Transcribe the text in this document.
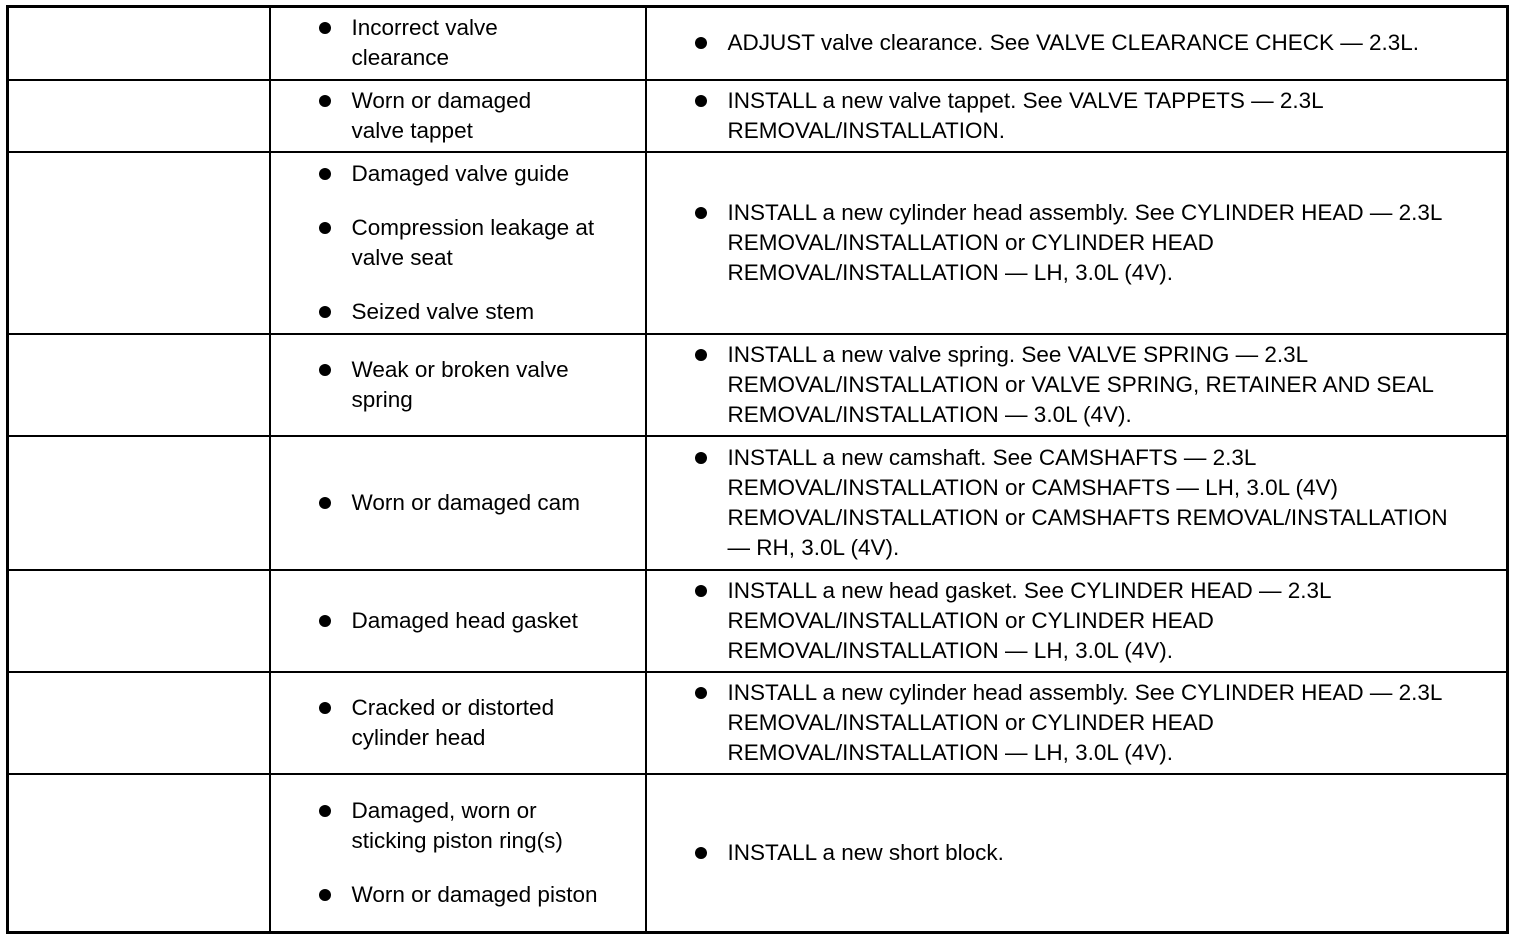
	Incorrect valve clearance	ADJUST valve clearance. See VALVE CLEARANCE CHECK — 2.3L.

	Worn or damaged valve tappet	INSTALL a new valve tappet. See VALVE TAPPETS — 2.3L REMOVAL/INSTALLATION.

	Damaged valve guide
Compression leakage at valve seat
Seized valve stem	INSTALL a new cylinder head assembly. See CYLINDER HEAD — 2.3L REMOVAL/INSTALLATION or CYLINDER HEAD REMOVAL/INSTALLATION — LH, 3.0L (4V).

	Weak or broken valve spring	INSTALL a new valve spring. See VALVE SPRING — 2.3L REMOVAL/INSTALLATION or VALVE SPRING, RETAINER AND SEAL REMOVAL/INSTALLATION — 3.0L (4V).

	Worn or damaged cam	INSTALL a new camshaft. See CAMSHAFTS — 2.3L REMOVAL/INSTALLATION or CAMSHAFTS — LH, 3.0L (4V) REMOVAL/INSTALLATION or CAMSHAFTS REMOVAL/INSTALLATION — RH, 3.0L (4V).

	Damaged head gasket	INSTALL a new head gasket. See CYLINDER HEAD — 2.3L REMOVAL/INSTALLATION or CYLINDER HEAD REMOVAL/INSTALLATION — LH, 3.0L (4V).

	Cracked or distorted cylinder head	INSTALL a new cylinder head assembly. See CYLINDER HEAD — 2.3L REMOVAL/INSTALLATION or CYLINDER HEAD REMOVAL/INSTALLATION — LH, 3.0L (4V).

	Damaged, worn or sticking piston ring(s)
Worn or damaged piston	INSTALL a new short block.
